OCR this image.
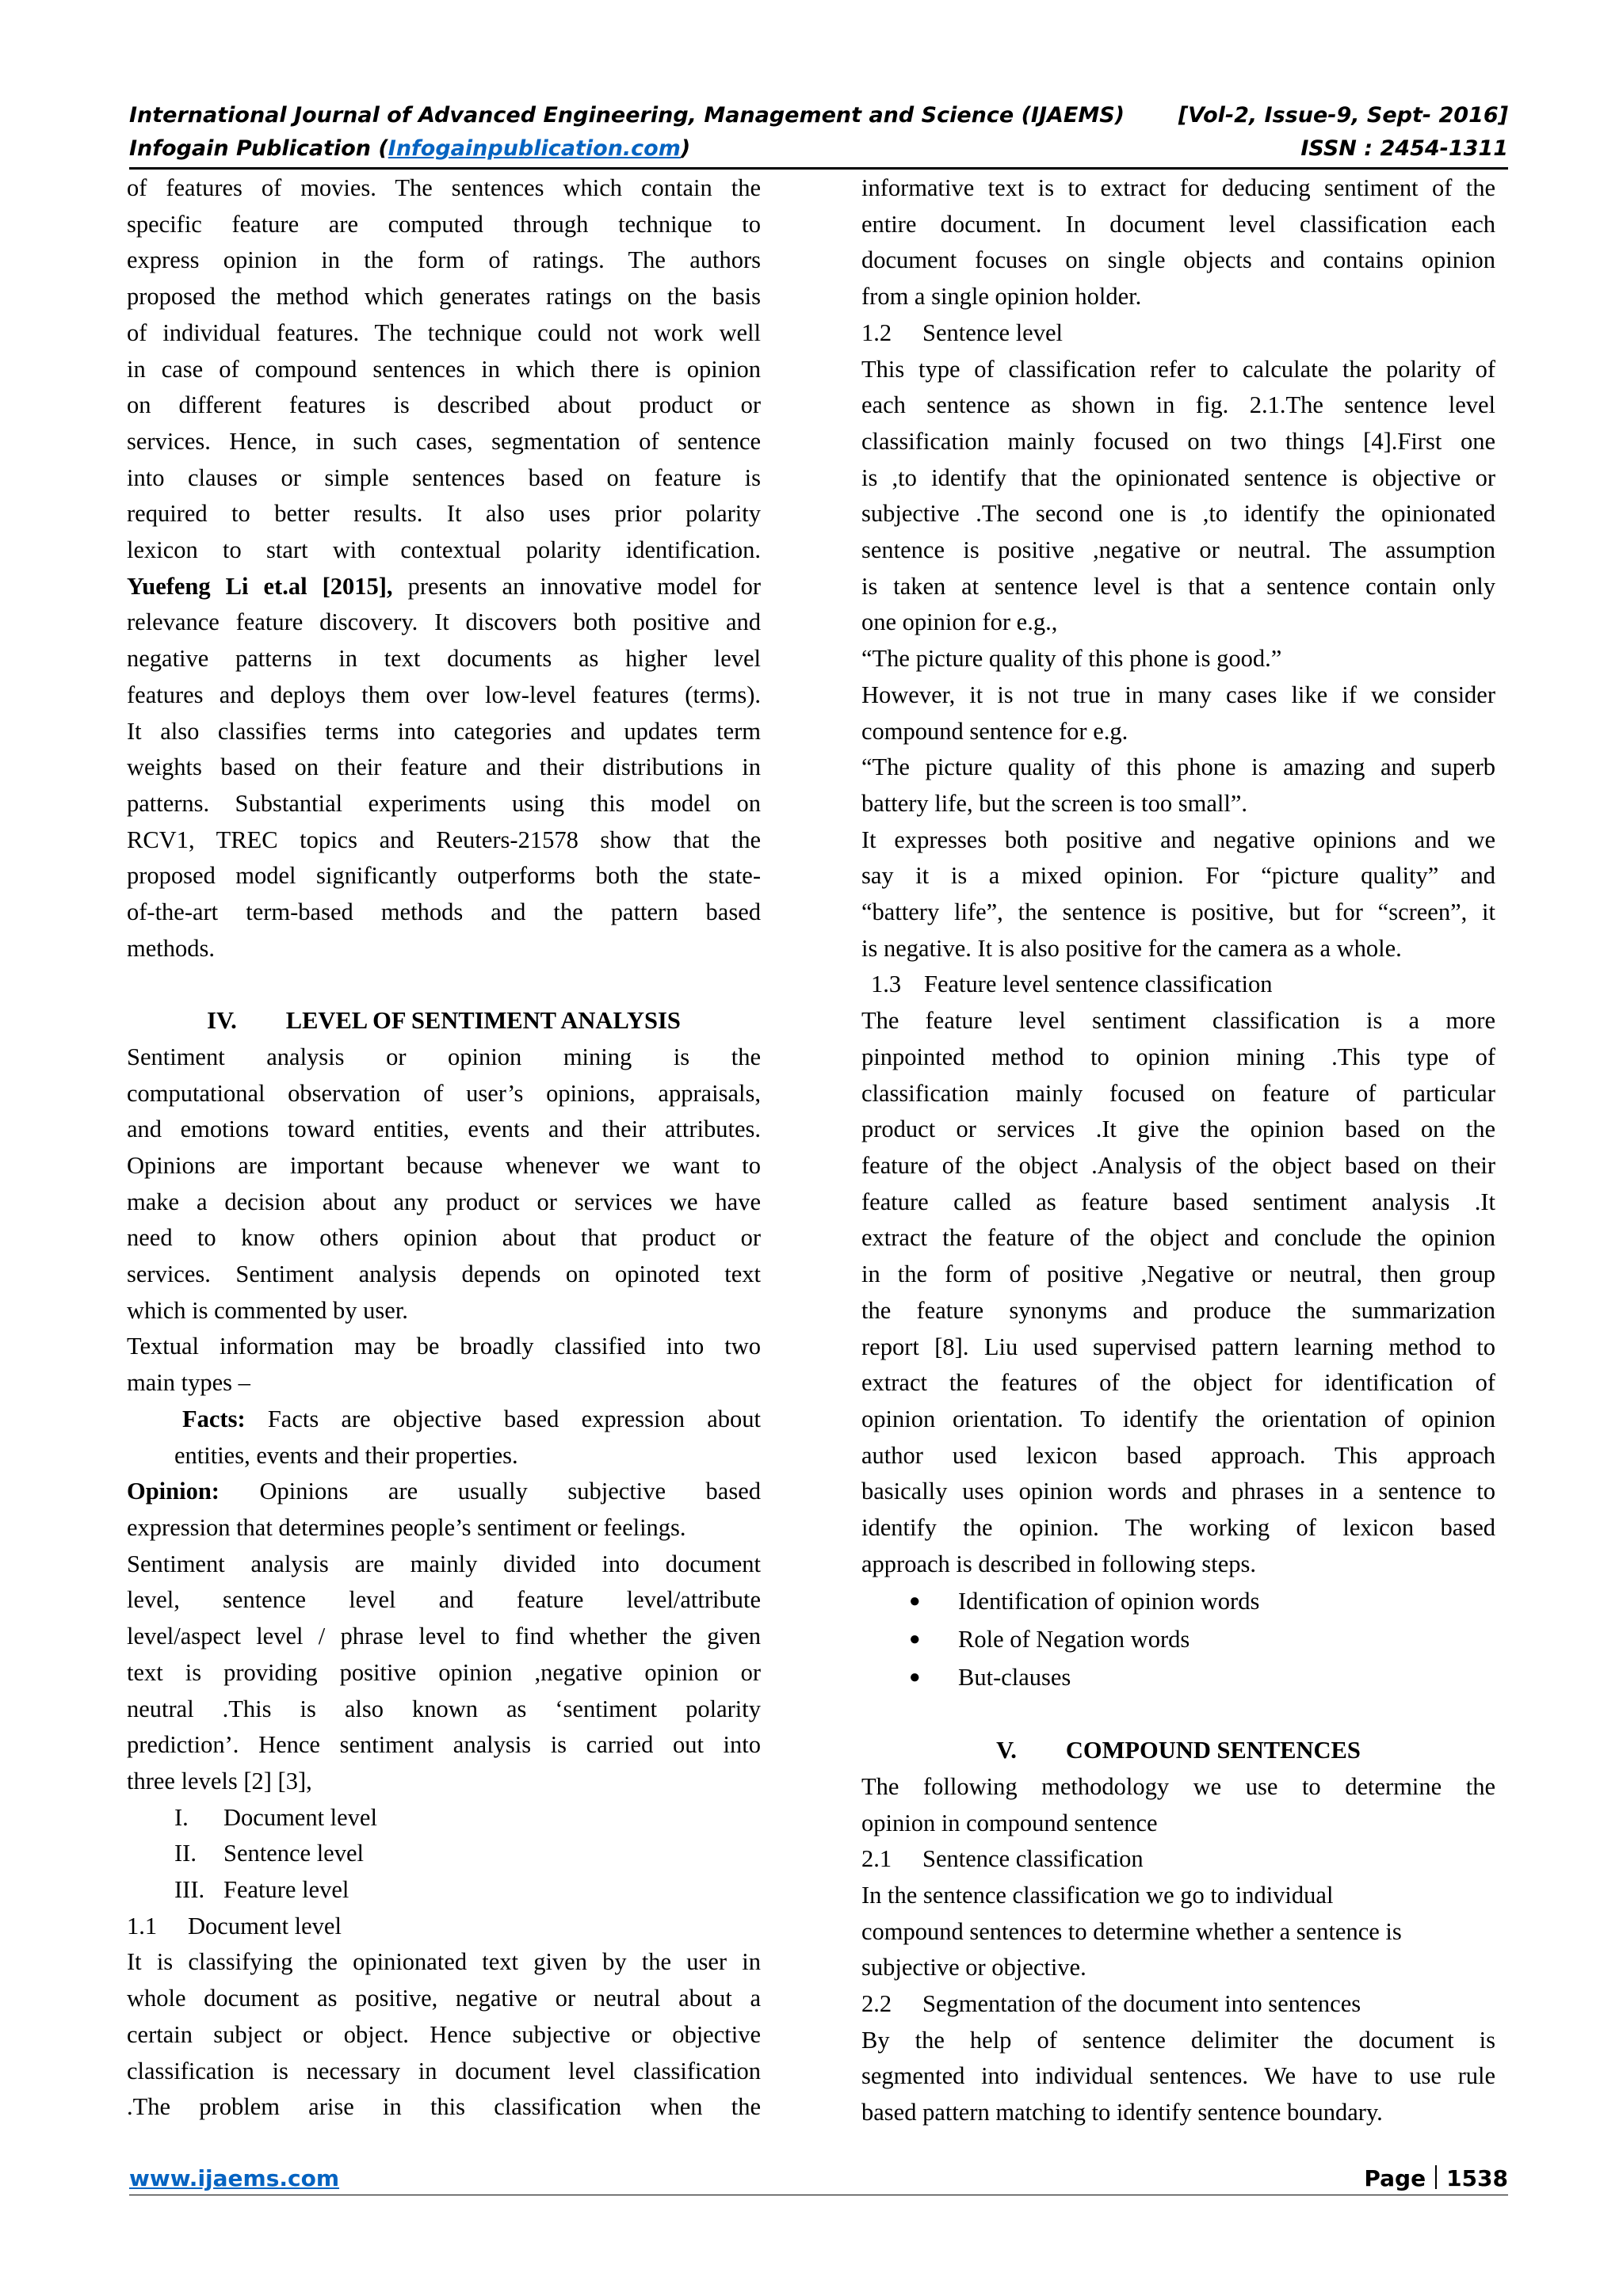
International Journal of Advanced Engineering, Management and Science (IJAEMS)	[Vol-2, Issue-9, Sept- 2016]
Infogain Publication (Infogainpublication.com)	ISSN : 2454-1311

of features of movies. The sentences which contain the

specific feature are computed through technique to

express opinion in the form of ratings. The authors

proposed the method which generates ratings on the basis

of individual features. The technique could not work well

in case of compound sentences in which there is opinion

on different features is described about product or

services. Hence, in such cases, segmentation of sentence

into clauses or simple sentences based on feature is

required to better results. It also uses prior polarity

lexicon to start with contextual polarity identification.

Yuefeng Li et.al [2015], presents an innovative model for

relevance feature discovery. It discovers both positive and

negative patterns in text documents as higher level

features and deploys them over low-level features (terms).

It also classifies terms into categories and updates term

weights based on their feature and their distributions in

patterns. Substantial experiments using this model on

RCV1, TREC topics and Reuters-21578 show that the

proposed model significantly outperforms both the state-

of-the-art term-based methods and the pattern based

methods.

IV. LEVEL OF SENTIMENT ANALYSIS

Sentiment analysis or opinion mining is the

computational observation of user’s opinions, appraisals,

and emotions toward entities, events and their attributes.

Opinions are important because whenever we want to

make a decision about any product or services we have

need to know others opinion about that product or

services. Sentiment analysis depends on opinoted text

which is commented by user.

Textual information may be broadly classified into two

main types –

Facts: Facts are objective based expression about

entities, events and their properties.

Opinion: Opinions are usually subjective based

expression that determines people’s sentiment or feelings.

Sentiment analysis are mainly divided into document

level, sentence level and feature level/attribute

level/aspect level / phrase level to find whether the given

text is providing positive opinion ,negative opinion or

neutral .This is also known as ‘sentiment polarity

prediction’. Hence sentiment analysis is carried out into

three levels [2] [3],

I. Document level

II. Sentence level

III. Feature level

1.1 Document level

It is classifying the opinionated text given by the user in

whole document as positive, negative or neutral about a

certain subject or object. Hence subjective or objective

classification is necessary in document level classification

.The problem arise in this classification when the

informative text is to extract for deducing sentiment of the

entire document. In document level classification each

document focuses on single objects and contains opinion

from a single opinion holder.

1.2 Sentence level

This type of classification refer to calculate the polarity of

each sentence as shown in fig. 2.1.The sentence level

classification mainly focused on two things [4].First one

is ,to identify that the opinionated sentence is objective or

subjective .The second one is ,to identify the opinionated

sentence is positive ,negative or neutral. The assumption

is taken at sentence level is that a sentence contain only

one opinion for e.g.,

“The picture quality of this phone is good.”

However, it is not true in many cases like if we consider

compound sentence for e.g.

“The picture quality of this phone is amazing and superb

battery life, but the screen is too small”.

It expresses both positive and negative opinions and we

say it is a mixed opinion. For “picture quality” and

“battery life”, the sentence is positive, but for “screen”, it

is negative. It is also positive for the camera as a whole.

1.3 Feature level sentence classification

The feature level sentiment classification is a more

pinpointed method to opinion mining .This type of

classification mainly focused on feature of particular

product or services .It give the opinion based on the

feature of the object .Analysis of the object based on their

feature called as feature based sentiment analysis .It

extract the feature of the object and conclude the opinion

in the form of positive ,Negative or neutral, then group

the feature synonyms and produce the summarization

report [8]. Liu used supervised pattern learning method to

extract the features of the object for identification of

opinion orientation. To identify the orientation of opinion

author used lexicon based approach. This approach

basically uses opinion words and phrases in a sentence to

identify the opinion. The working of lexicon based

approach is described in following steps.

● Identification of opinion words

● Role of Negation words

● But-clauses

V. COMPOUND SENTENCES

The following methodology we use to determine the

opinion in compound sentence

2.1 Sentence classification

In the sentence classification we go to individual

compound sentences to determine whether a sentence is

subjective or objective.

2.2 Segmentation of the document into sentences

By the help of sentence delimiter the document is

segmented into individual sentences. We have to use rule

based pattern matching to identify sentence boundary.

www.ijaems.com	Page 1538
